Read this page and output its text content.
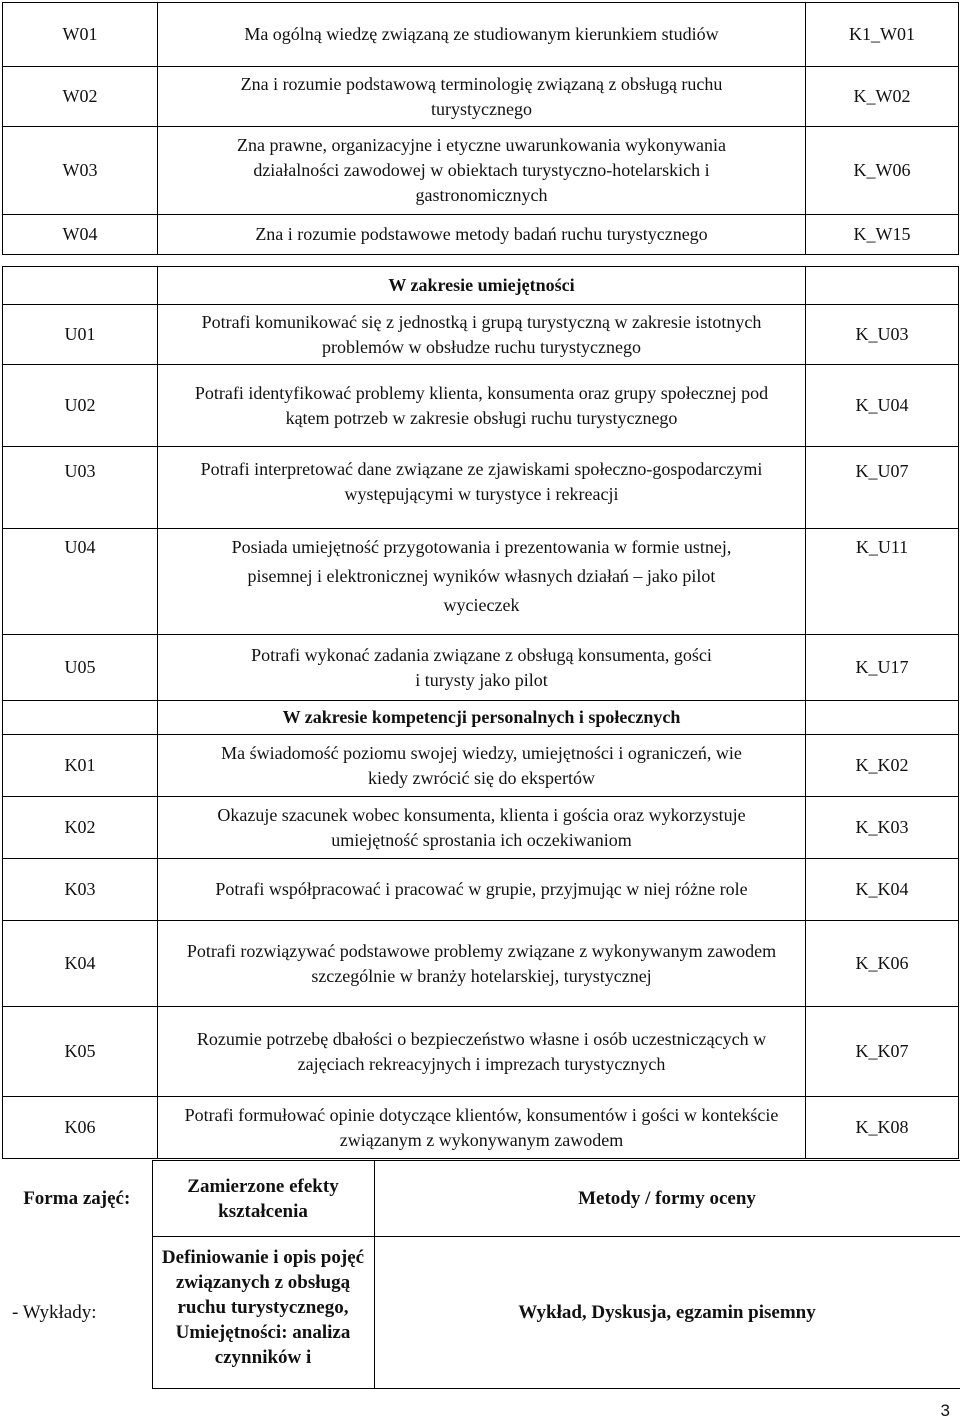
W01	Ma ogólną wiedzę związaną ze studiowanym kierunkiem studiów	K1_W01
W02	Zna i rozumie podstawową terminologię związaną z obsługą ruchu turystycznego	K_W02
W03	Zna prawne, organizacyjne i etyczne uwarunkowania wykonywania działalności zawodowej w obiektach turystyczno-hotelarskich i gastronomicznych	K_W06
W04	Zna i rozumie podstawowe metody badań ruchu turystycznego	K_W15
	W zakresie umiejętności	
U01	Potrafi komunikować się z jednostką i grupą turystyczną w zakresie istotnych problemów w obsłudze ruchu turystycznego	K_U03
U02	Potrafi identyfikować problemy klienta, konsumenta oraz grupy społecznej pod kątem potrzeb w zakresie obsługi ruchu turystycznego	K_U04
U03	Potrafi interpretować dane związane ze zjawiskami społeczno-gospodarczymi występującymi w turystyce i rekreacji	K_U07
U04	Posiada umiejętność przygotowania i prezentowania w formie ustnej, pisemnej i elektronicznej wyników własnych działań – jako pilot wycieczek	K_U11
U05	Potrafi wykonać zadania związane z obsługą konsumenta, gości i turysty jako pilot	K_U17
	W zakresie kompetencji personalnych i społecznych	
K01	Ma świadomość poziomu swojej wiedzy, umiejętności i ograniczeń, wie kiedy zwrócić się do ekspertów	K_K02
K02	Okazuje szacunek wobec konsumenta, klienta i gościa oraz wykorzystuje umiejętność sprostania ich oczekiwaniom	K_K03
K03	Potrafi współpracować i pracować w grupie, przyjmując w niej różne role	K_K04
K04	Potrafi rozwiązywać podstawowe problemy związane z wykonywanym zawodem szczególnie w branży hotelarskiej, turystycznej	K_K06
K05	Rozumie potrzebę dbałości o bezpieczeństwo własne i osób uczestniczących w zajęciach rekreacyjnych i imprezach turystycznych	K_K07
K06	Potrafi formułować opinie dotyczące klientów, konsumentów i gości w kontekście związanym z wykonywanym zawodem	K_K08
Forma zajęć:	Zamierzone efekty kształcenia	Metody / formy oceny
- Wykłady:	Definiowanie i opis pojęć związanych z obsługą ruchu turystycznego, Umiejętności: analiza czynników i	Wykład, Dyskusja, egzamin pisemny
3
